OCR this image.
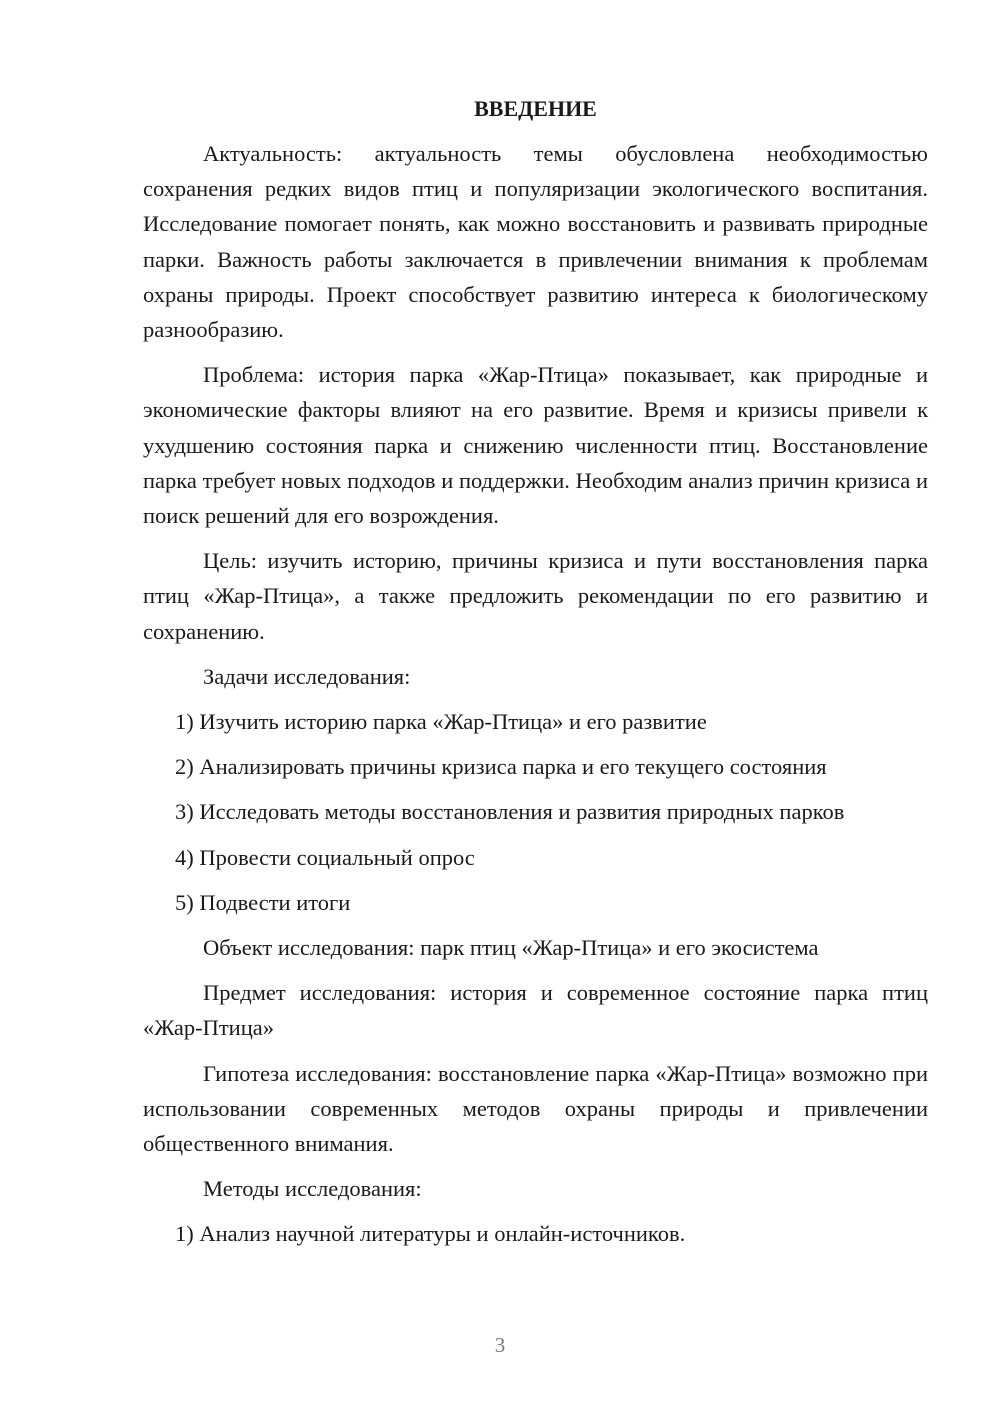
ВВЕДЕНИЕ

Актуальность: актуальность темы обусловлена необходимостью сохранения редких видов птиц и популяризации экологического воспитания. Исследование помогает понять, как можно восстановить и развивать природные парки. Важность работы заключается в привлечении внимания к проблемам охраны природы. Проект способствует развитию интереса к биологическому разнообразию.

Проблема: история парка «Жар-Птица» показывает, как природные и экономические факторы влияют на его развитие. Время и кризисы привели к ухудшению состояния парка и снижению численности птиц. Восстановление парка требует новых подходов и поддержки. Необходим анализ причин кризиса и поиск решений для его возрождения.

Цель: изучить историю, причины кризиса и пути восстановления парка птиц «Жар-Птица», а также предложить рекомендации по его развитию и сохранению.

Задачи исследования:

1) Изучить историю парка «Жар-Птица» и его развитие
2) Анализировать причины кризиса парка и его текущего состояния
3) Исследовать методы восстановления и развития природных парков
4) Провести социальный опрос
5) Подвести итоги

Объект исследования: парк птиц «Жар-Птица» и его экосистема

Предмет исследования: история и современное состояние парка птиц «Жар-Птица»

Гипотеза исследования: восстановление парка «Жар-Птица» возможно при использовании современных методов охраны природы и привлечении общественного внимания.

Методы исследования:

1) Анализ научной литературы и онлайн-источников.
3
